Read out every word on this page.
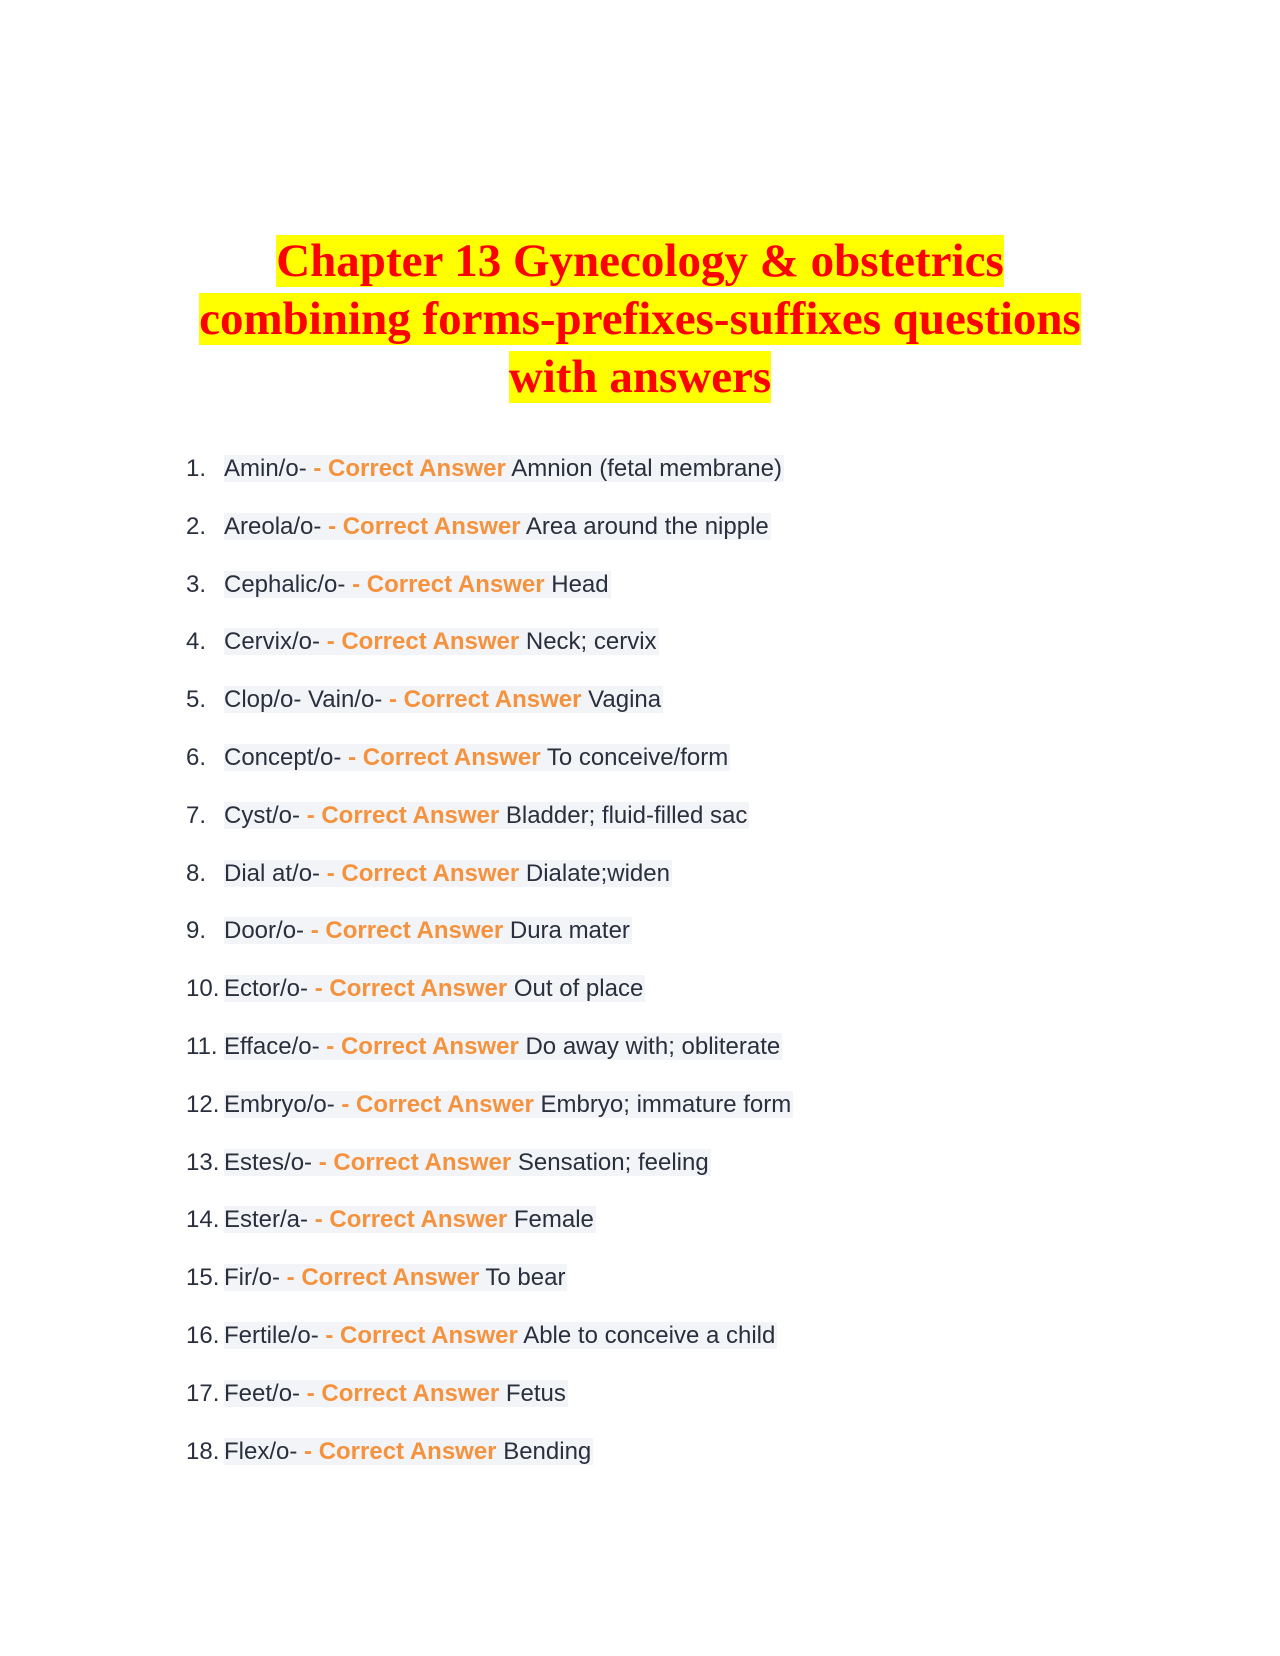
Chapter 13 Gynecology & obstetrics
combining forms-prefixes-suffixes questions
with answers
1. Amin/o- - Correct Answer Amnion (fetal membrane)
2. Areola/o- - Correct Answer Area around the nipple
3. Cephalic/o- - Correct Answer Head
4. Cervix/o- - Correct Answer Neck; cervix
5. Clop/o- Vain/o- - Correct Answer Vagina
6. Concept/o- - Correct Answer To conceive/form
7. Cyst/o- - Correct Answer Bladder; fluid-filled sac
8. Dial at/o- - Correct Answer Dialate;widen
9. Door/o- - Correct Answer Dura mater
10. Ector/o- - Correct Answer Out of place
11. Efface/o- - Correct Answer Do away with; obliterate
12. Embryo/o- - Correct Answer Embryo; immature form
13. Estes/o- - Correct Answer Sensation; feeling
14. Ester/a- - Correct Answer Female
15. Fir/o- - Correct Answer To bear
16. Fertile/o- - Correct Answer Able to conceive a child
17. Feet/o- - Correct Answer Fetus
18. Flex/o- - Correct Answer Bending
